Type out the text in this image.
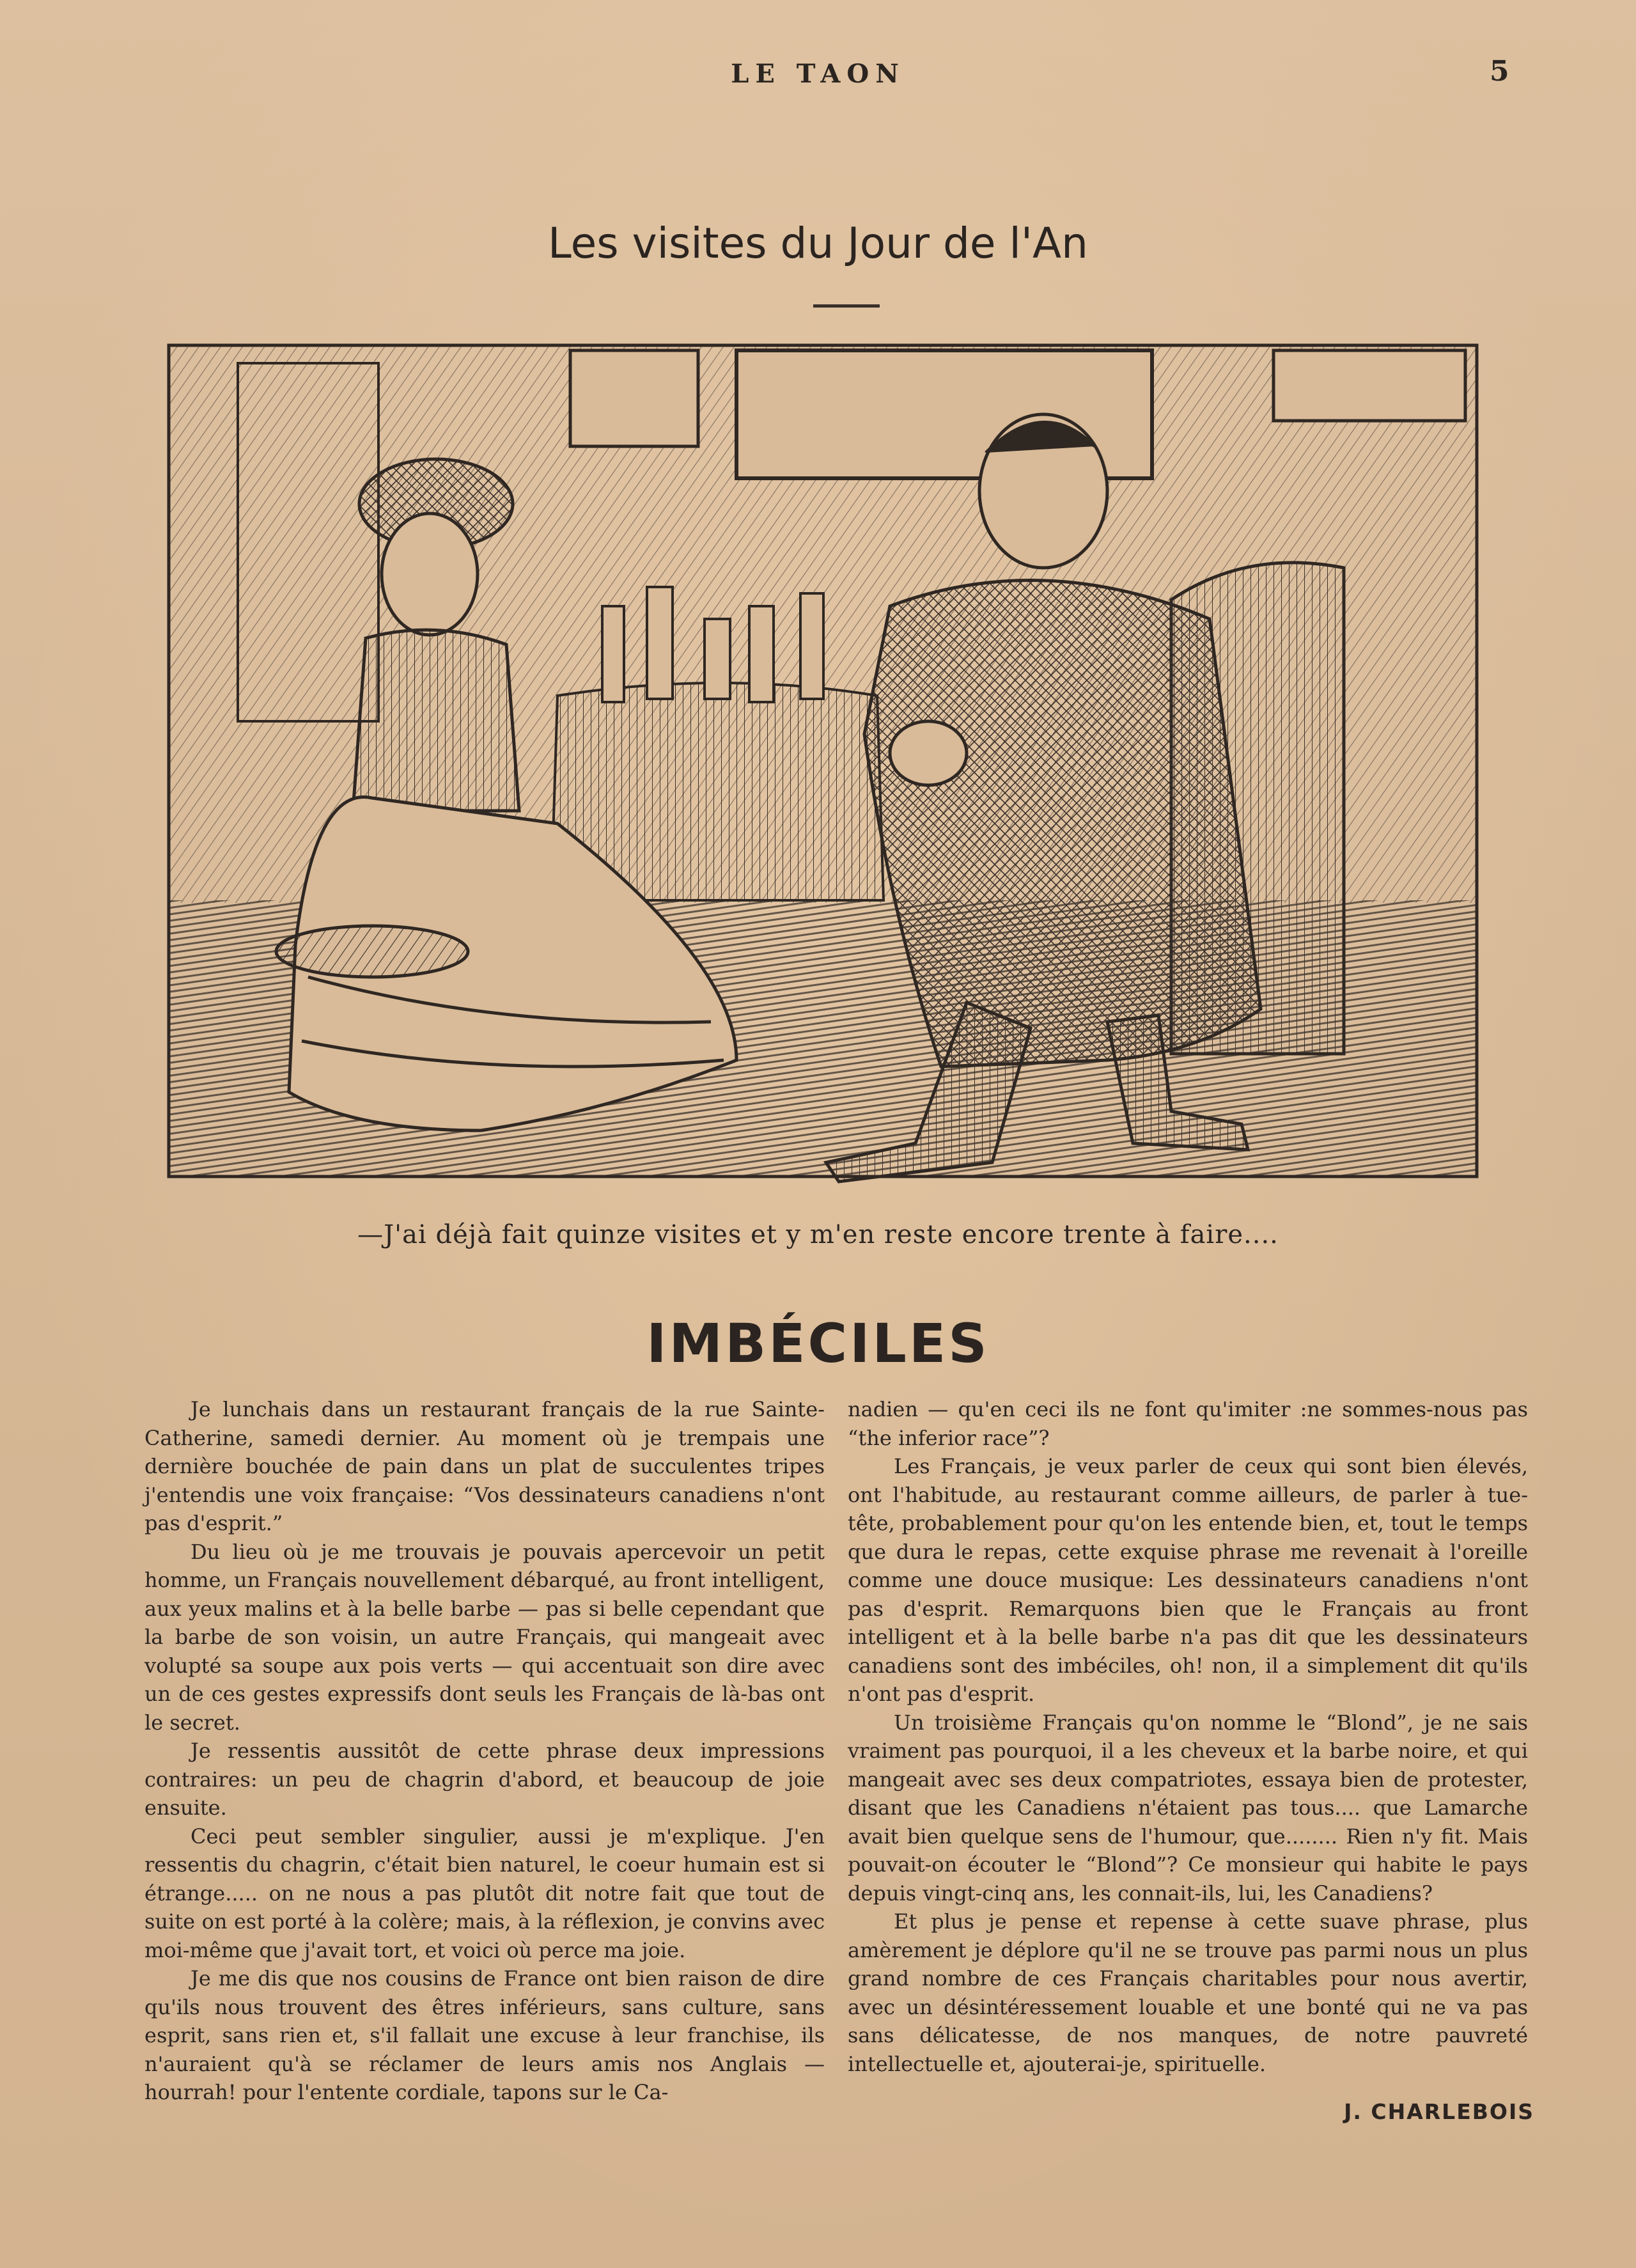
LE TAON	5
Les visites du Jour de l'An
—J'ai déjà fait quinze visites et y m'en reste encore trente à faire....
IMBÉCILES

Je lunchais dans un restaurant français de la rue Sainte-Catherine, samedi dernier. Au moment où je trempais une dernière bouchée de pain dans un plat de succulentes tripes j'entendis une voix française: “Vos dessinateurs canadiens n'ont pas d'esprit.”

Du lieu où je me trouvais je pouvais apercevoir un petit homme, un Français nouvellement débarqué, au front intelligent, aux yeux malins et à la belle barbe — pas si belle cependant que la barbe de son voisin, un autre Français, qui mangeait avec volupté sa soupe aux pois verts — qui accentuait son dire avec un de ces gestes expressifs dont seuls les Français de là-bas ont le secret.

Je ressentis aussitôt de cette phrase deux impressions contraires: un peu de chagrin d'abord, et beaucoup de joie ensuite.

Ceci peut sembler singulier, aussi je m'explique. J'en ressentis du chagrin, c'était bien naturel, le coeur humain est si étrange..... on ne nous a pas plutôt dit notre fait que tout de suite on est porté à la colère; mais, à la réflexion, je convins avec moi-même que j'avait tort, et voici où perce ma joie.

Je me dis que nos cousins de France ont bien raison de dire qu'ils nous trouvent des êtres inférieurs, sans culture, sans esprit, sans rien et, s'il fallait une excuse à leur franchise, ils n'auraient qu'à se réclamer de leurs amis nos Anglais — hourrah! pour l'entente cordiale, tapons sur le Ca-

nadien — qu'en ceci ils ne font qu'imiter :ne sommes-nous pas “the inferior race”?

Les Français, je veux parler de ceux qui sont bien élevés, ont l'habitude, au restaurant comme ailleurs, de parler à tue-tête, probablement pour qu'on les entende bien, et, tout le temps que dura le repas, cette exquise phrase me revenait à l'oreille comme une douce musique: Les dessinateurs canadiens n'ont pas d'esprit. Remarquons bien que le Français au front intelligent et à la belle barbe n'a pas dit que les dessinateurs canadiens sont des imbéciles, oh! non, il a simplement dit qu'ils n'ont pas d'esprit.

Un troisième Français qu'on nomme le “Blond”, je ne sais vraiment pas pourquoi, il a les cheveux et la barbe noire, et qui mangeait avec ses deux compatriotes, essaya bien de protester, disant que les Canadiens n'étaient pas tous.... que Lamarche avait bien quelque sens de l'humour, que........ Rien n'y fit. Mais pouvait-on écouter le “Blond”? Ce monsieur qui habite le pays depuis vingt-cinq ans, les connait-ils, lui, les Canadiens?

Et plus je pense et repense à cette suave phrase, plus amèrement je déplore qu'il ne se trouve pas parmi nous un plus grand nombre de ces Français charitables pour nous avertir, avec un désintéressement louable et une bonté qui ne va pas sans délicatesse, de nos manques, de notre pauvreté intellectuelle et, ajouterai-je, spirituelle.

J. CHARLEBOIS
